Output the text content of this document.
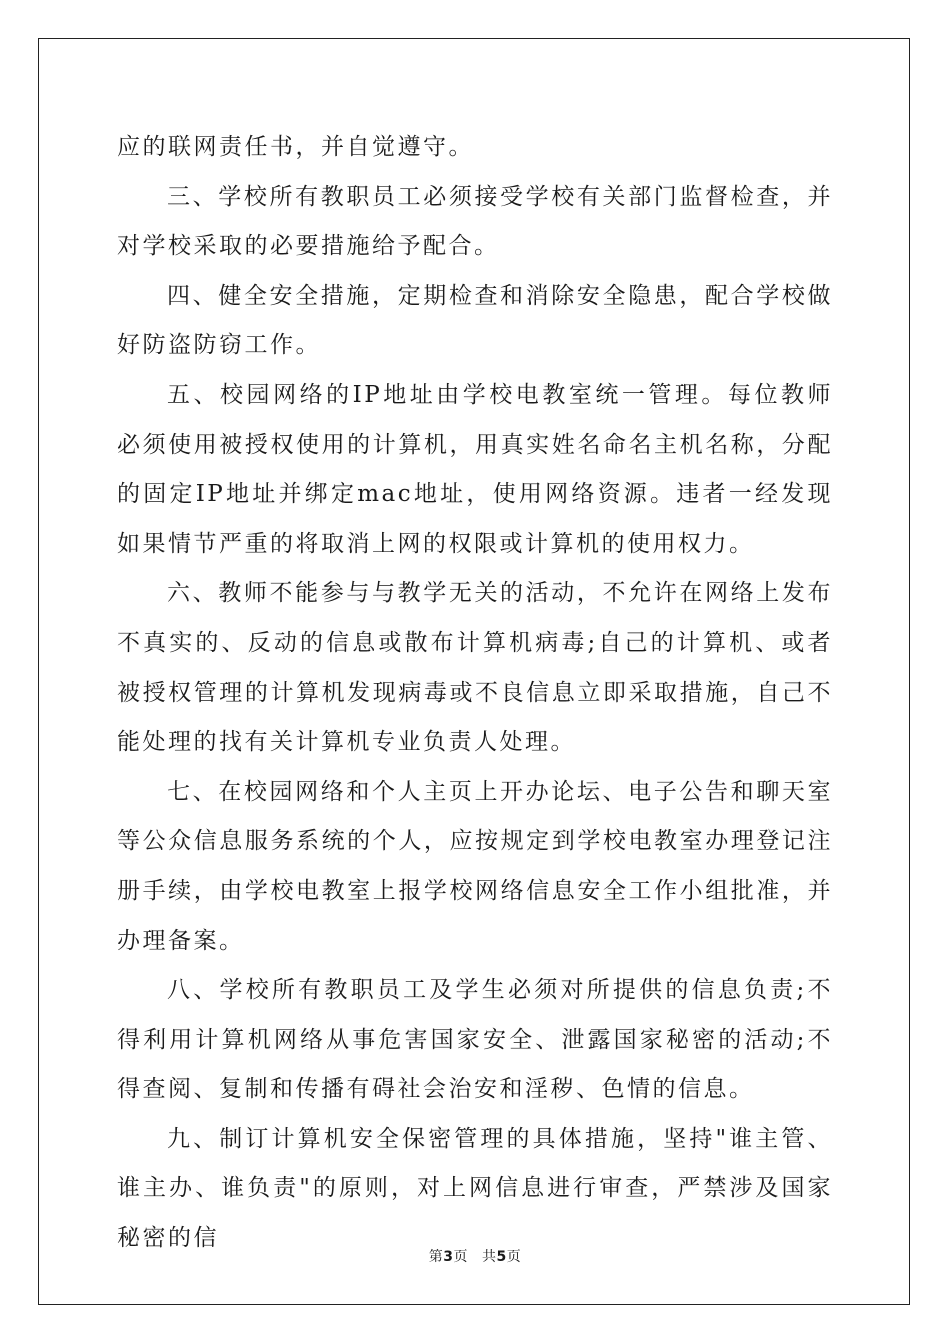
应的联网责任书，并自觉遵守。

三、学校所有教职员工必须接受学校有关部门监督检查，并对学校采取的必要措施给予配合。

四、健全安全措施，定期检查和消除安全隐患，配合学校做好防盗防窃工作。

五、校园网络的IP地址由学校电教室统一管理。每位教师必须使用被授权使用的计算机，用真实姓名命名主机名称，分配的固定IP地址并绑定mac地址，使用网络资源。违者一经发现如果情节严重的将取消上网的权限或计算机的使用权力。

六、教师不能参与与教学无关的活动，不允许在网络上发布不真实的、反动的信息或散布计算机病毒;自己的计算机、或者被授权管理的计算机发现病毒或不良信息立即采取措施，自己不能处理的找有关计算机专业负责人处理。

七、在校园网络和个人主页上开办论坛、电子公告和聊天室等公众信息服务系统的个人，应按规定到学校电教室办理登记注册手续，由学校电教室上报学校网络信息安全工作小组批准，并办理备案。

八、学校所有教职员工及学生必须对所提供的信息负责;不得利用计算机网络从事危害国家安全、泄露国家秘密的活动;不得查阅、复制和传播有碍社会治安和淫秽、色情的信息。

九、制订计算机安全保密管理的具体措施，坚持"谁主管、谁主办、谁负责"的原则，对上网信息进行审查，严禁涉及国家秘密的信

第3页 共5页
